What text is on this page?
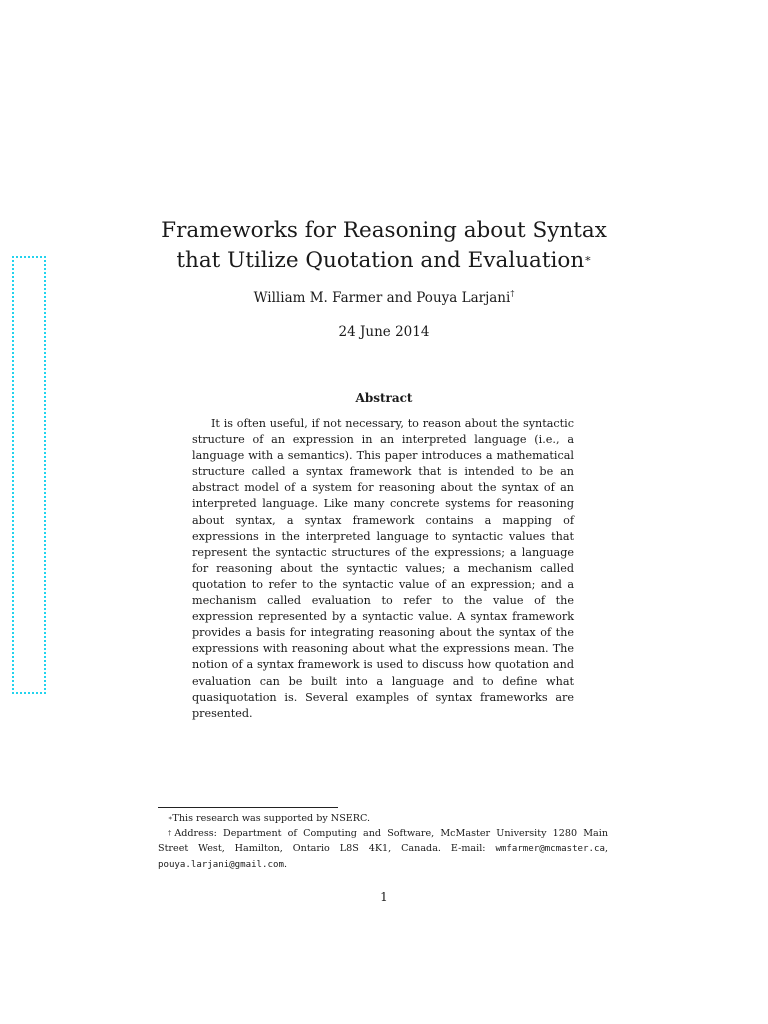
Frameworks for Reasoning about Syntax
that Utilize Quotation and Evaluation∗
William M. Farmer and Pouya Larjani†
24 June 2014
Abstract
It is often useful, if not necessary, to reason about the syntactic structure of an expression in an interpreted language (i.e., a language with a semantics). This paper introduces a mathematical structure called a syntax framework that is intended to be an abstract model of a system for reasoning about the syntax of an interpreted language. Like many concrete systems for reasoning about syntax, a syntax framework contains a mapping of expressions in the interpreted language to syntactic values that represent the syntactic structures of the expressions; a language for reasoning about the syntactic values; a mechanism called quotation to refer to the syntactic value of an expression; and a mechanism called evaluation to refer to the value of the expression represented by a syntactic value. A syntax framework provides a basis for integrating reasoning about the syntax of the expressions with reasoning about what the expressions mean. The notion of a syntax framework is used to discuss how quotation and evaluation can be built into a language and to define what quasiquotation is. Several examples of syntax frameworks are presented.

∗This research was supported by NSERC.

†Address: Department of Computing and Software, McMaster University 1280 Main Street West, Hamilton, Ontario L8S 4K1, Canada. E-mail: wmfarmer@mcmaster.ca, pouya.larjani@gmail.com.

1
